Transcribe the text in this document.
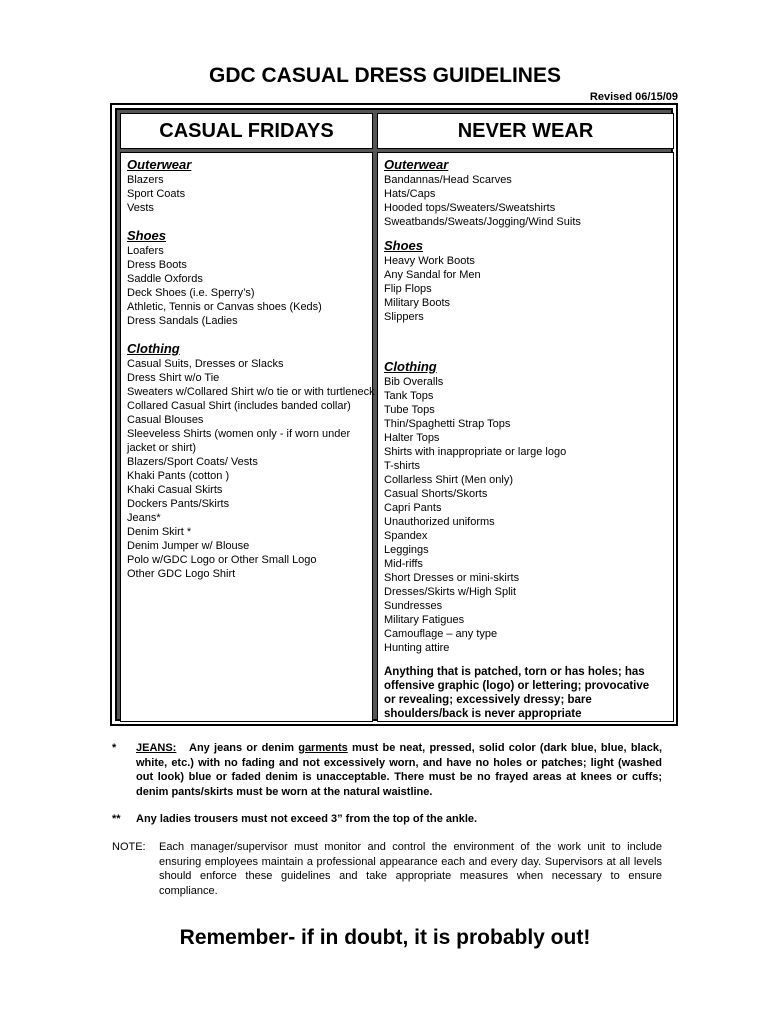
GDC CASUAL DRESS GUIDELINES
Revised 06/15/09
CASUAL FRIDAYS	NEVER WEAR
Outerwear
Blazers
Sport Coats
Vests
Shoes
Loafers
Dress Boots
Saddle Oxfords
Deck Shoes (i.e. Sperry’s)
Athletic, Tennis or Canvas shoes (Keds)
Dress Sandals (Ladies
Clothing
Casual Suits, Dresses or Slacks
Dress Shirt w/o Tie
Sweaters w/Collared Shirt w/o tie or with turtleneck
Collared Casual Shirt (includes banded collar)
Casual Blouses
Sleeveless Shirts (women only - if worn under jacket or shirt)
Blazers/Sport Coats/ Vests
Khaki Pants (cotton )
Khaki Casual Skirts
Dockers Pants/Skirts
Jeans*
Denim Skirt *
Denim Jumper w/ Blouse
Polo w/GDC Logo or Other Small Logo
Other GDC Logo Shirt
Outerwear
Bandannas/Head Scarves
Hats/Caps
Hooded tops/Sweaters/Sweatshirts
Sweatbands/Sweats/Jogging/Wind Suits
Shoes
Heavy Work Boots
Any Sandal for Men
Flip Flops
Military Boots
Slippers
Clothing
Bib Overalls
Tank Tops
Tube Tops
Thin/Spaghetti Strap Tops
Halter Tops
Shirts with inappropriate or large logo
T-shirts
Collarless Shirt (Men only)
Casual Shorts/Skorts
Capri Pants
Unauthorized uniforms
Spandex
Leggings
Mid-riffs
Short Dresses or mini-skirts
Dresses/Skirts w/High Split
Sundresses
Military Fatigues
Camouflage – any type
Hunting attire
Anything that is patched, torn or has holes; has offensive graphic (logo) or lettering; provocative or revealing; excessively dressy; bare shoulders/back is never appropriate
* JEANS: Any jeans or denim garments must be neat, pressed, solid color (dark blue, blue, black, white, etc.) with no fading and not excessively worn, and have no holes or patches; light (washed out look) blue or faded denim is unacceptable. There must be no frayed areas at knees or cuffs; denim pants/skirts must be worn at the natural waistline.
** Any ladies trousers must not exceed 3” from the top of the ankle.
NOTE: Each manager/supervisor must monitor and control the environment of the work unit to include ensuring employees maintain a professional appearance each and every day. Supervisors at all levels should enforce these guidelines and take appropriate measures when necessary to ensure compliance.
Remember- if in doubt, it is probably out!
